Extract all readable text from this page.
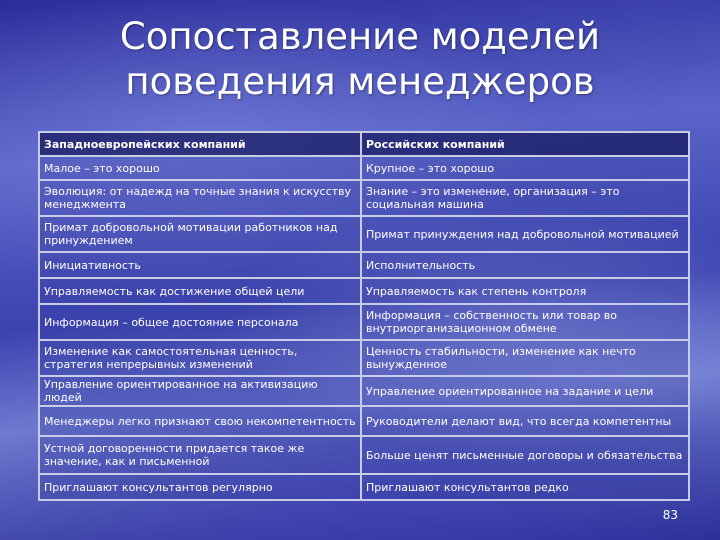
Сопоставление моделей
поведения менеджеров
Западноевропейских компаний	Российских компаний
Малое – это хорошо	Крупное – это хорошо
Эволюция: от надежд на точные знания к искусству менеджмента	Знание – это изменение, организация – это социальная машина
Примат добровольной мотивации работников над принуждением	Примат принуждения над добровольной мотивацией
Инициативность	Исполнительность
Управляемость как достижение общей цели	Управляемость как степень контроля
Информация – общее достояние персонала	Информация – собственность или товар во внутриорганизационном обмене
Изменение как самостоятельная ценность, стратегия непрерывных изменений	Ценность стабильности, изменение как нечто вынужденное
Управление ориентированное на активизацию людей	Управление ориентированное на задание и цели
Менеджеры легко признают свою некомпетентность	Руководители делают вид, что всегда компетентны
Устной договоренности придается такое же значение, как и письменной	Больше ценят письменные договоры и обязательства
Приглашают консультантов регулярно	Приглашают консультантов редко
83
